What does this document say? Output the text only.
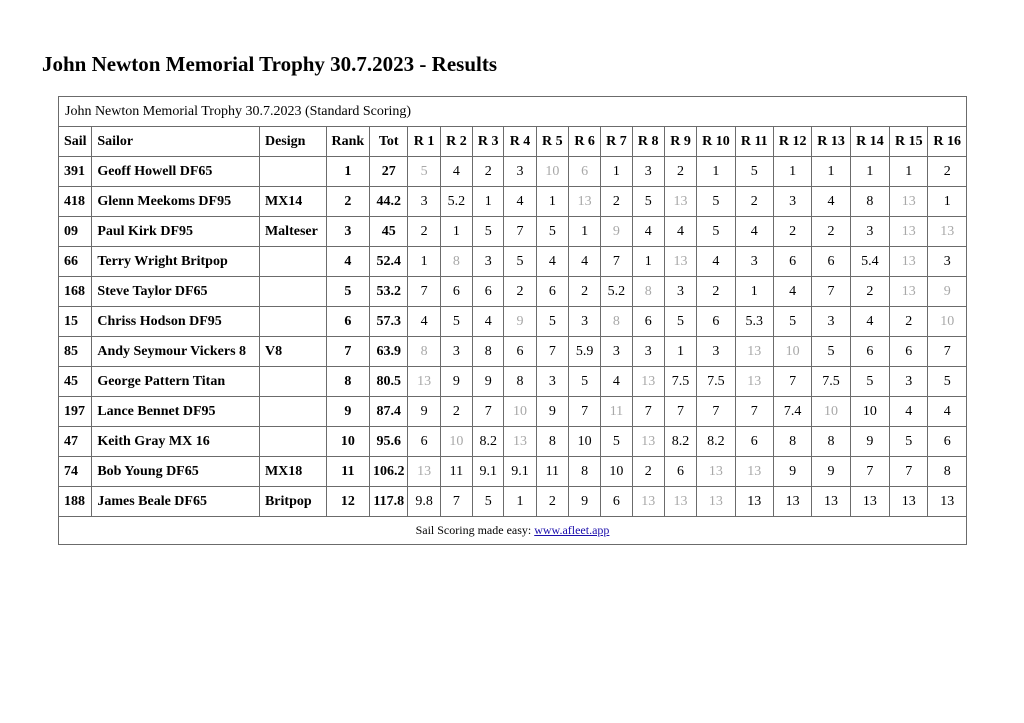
John Newton Memorial Trophy 30.7.2023 - Results
John Newton Memorial Trophy 30.7.2023 (Standard Scoring)																				
Sail	Sailor	Design	Rank	Tot	R 1	R 2	R 3	R 4	R 5	R 6	R 7	R 8	R 9	R 10	R 11	R 12	R 13	R 14	R 15	R 16
391	Geoff Howell DF65		1	27	5	4	2	3	10	6	1	3	2	1	5	1	1	1	1	2
418	Glenn Meekoms DF95	MX14	2	44.2	3	5.2	1	4	1	13	2	5	13	5	2	3	4	8	13	1
09	Paul Kirk DF95	Malteser	3	45	2	1	5	7	5	1	9	4	4	5	4	2	2	3	13	13
66	Terry Wright Britpop		4	52.4	1	8	3	5	4	4	7	1	13	4	3	6	6	5.4	13	3
168	Steve Taylor DF65		5	53.2	7	6	6	2	6	2	5.2	8	3	2	1	4	7	2	13	9
15	Chriss Hodson DF95		6	57.3	4	5	4	9	5	3	8	6	5	6	5.3	5	3	4	2	10
85	Andy Seymour Vickers 8	V8	7	63.9	8	3	8	6	7	5.9	3	3	1	3	13	10	5	6	6	7
45	George Pattern Titan		8	80.5	13	9	9	8	3	5	4	13	7.5	7.5	13	7	7.5	5	3	5
197	Lance Bennet DF95		9	87.4	9	2	7	10	9	7	11	7	7	7	7	7.4	10	10	4	4
47	Keith Gray MX 16		10	95.6	6	10	8.2	13	8	10	5	13	8.2	8.2	6	8	8	9	5	6
74	Bob Young DF65	MX18	11	106.2	13	11	9.1	9.1	11	8	10	2	6	13	13	9	9	7	7	8
188	James Beale DF65	Britpop	12	117.8	9.8	7	5	1	2	9	6	13	13	13	13	13	13	13	13	13
Sail Scoring made easy: www.afleet.app																				
